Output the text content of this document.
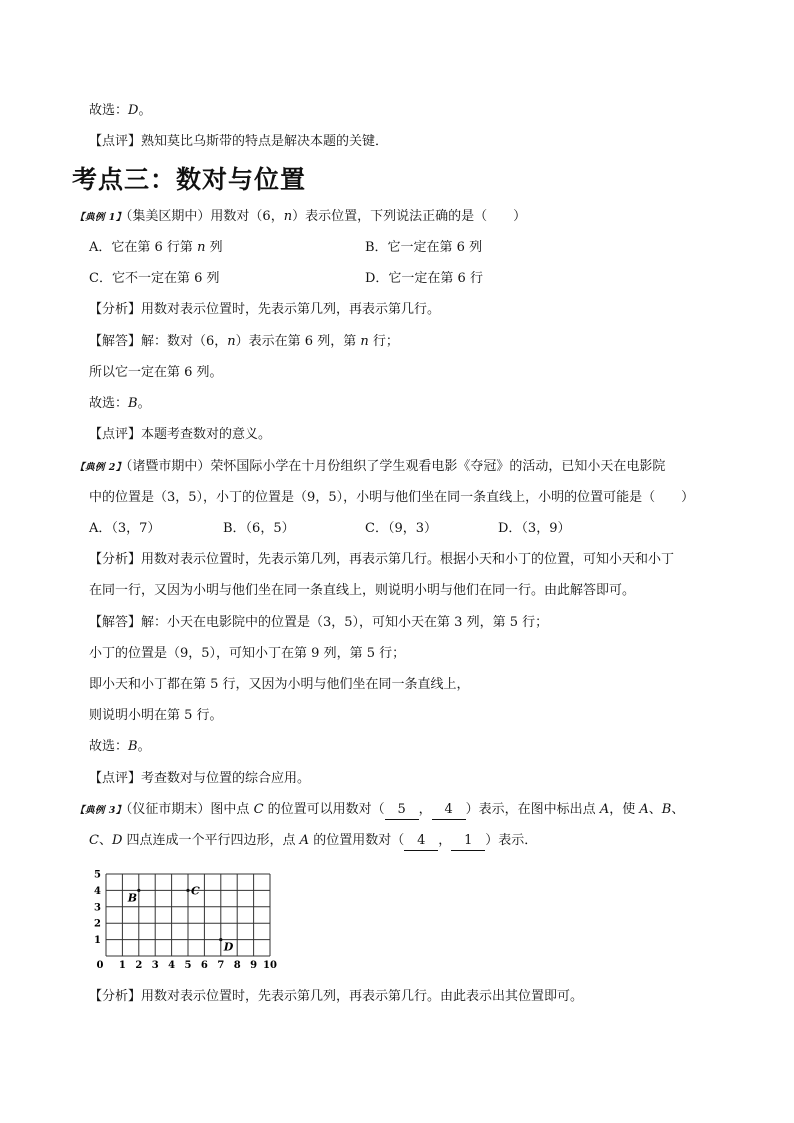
故选：D。
【点评】熟知莫比乌斯带的特点是解决本题的关键．
考点三：数对与位置
【典例 1】（集美区期中）用数对（6，n）表示位置，下列说法正确的是（　　）
A．它在第 6 行第 n 列	B．它一定在第 6 列
C．它不一定在第 6 列	D．它一定在第 6 行
【分析】用数对表示位置时，先表示第几列，再表示第几行。
【解答】解：数对（6，n）表示在第 6 列，第 n 行；
所以它一定在第 6 列。
故选：B。
【点评】本题考查数对的意义。
【典例 2】（诸暨市期中）荣怀国际小学在十月份组织了学生观看电影《夺冠》的活动，已知小天在电影院
中的位置是（3，5），小丁的位置是（9，5），小明与他们坐在同一条直线上，小明的位置可能是（　　）
A．（3，7）	B．（6，5）	C．（9，3）	D．（3，9）
【分析】用数对表示位置时，先表示第几列，再表示第几行。根据小天和小丁的位置，可知小天和小丁
在同一行，又因为小明与他们坐在同一条直线上，则说明小明与他们在同一行。由此解答即可。
【解答】解：小天在电影院中的位置是（3，5），可知小天在第 3 列，第 5 行；
小丁的位置是（9，5），可知小丁在第 9 列，第 5 行；
即小天和小丁都在第 5 行，又因为小明与他们坐在同一条直线上，
则说明小明在第 5 行。
故选：B。
【点评】考查数对与位置的综合应用。
【典例 3】（仪征市期末）图中点 C 的位置可以用数对（ 5 ， 4 ）表示，在图中标出点 A，使 A、B、
C、D 四点连成一个平行四边形，点 A 的位置用数对（ 4 ， 1 ）表示．
0 1 2 3 4 5 6 7 8 9 10
1
2
3
4
5
B
C
D
【分析】用数对表示位置时，先表示第几列，再表示第几行。由此表示出其位置即可。
